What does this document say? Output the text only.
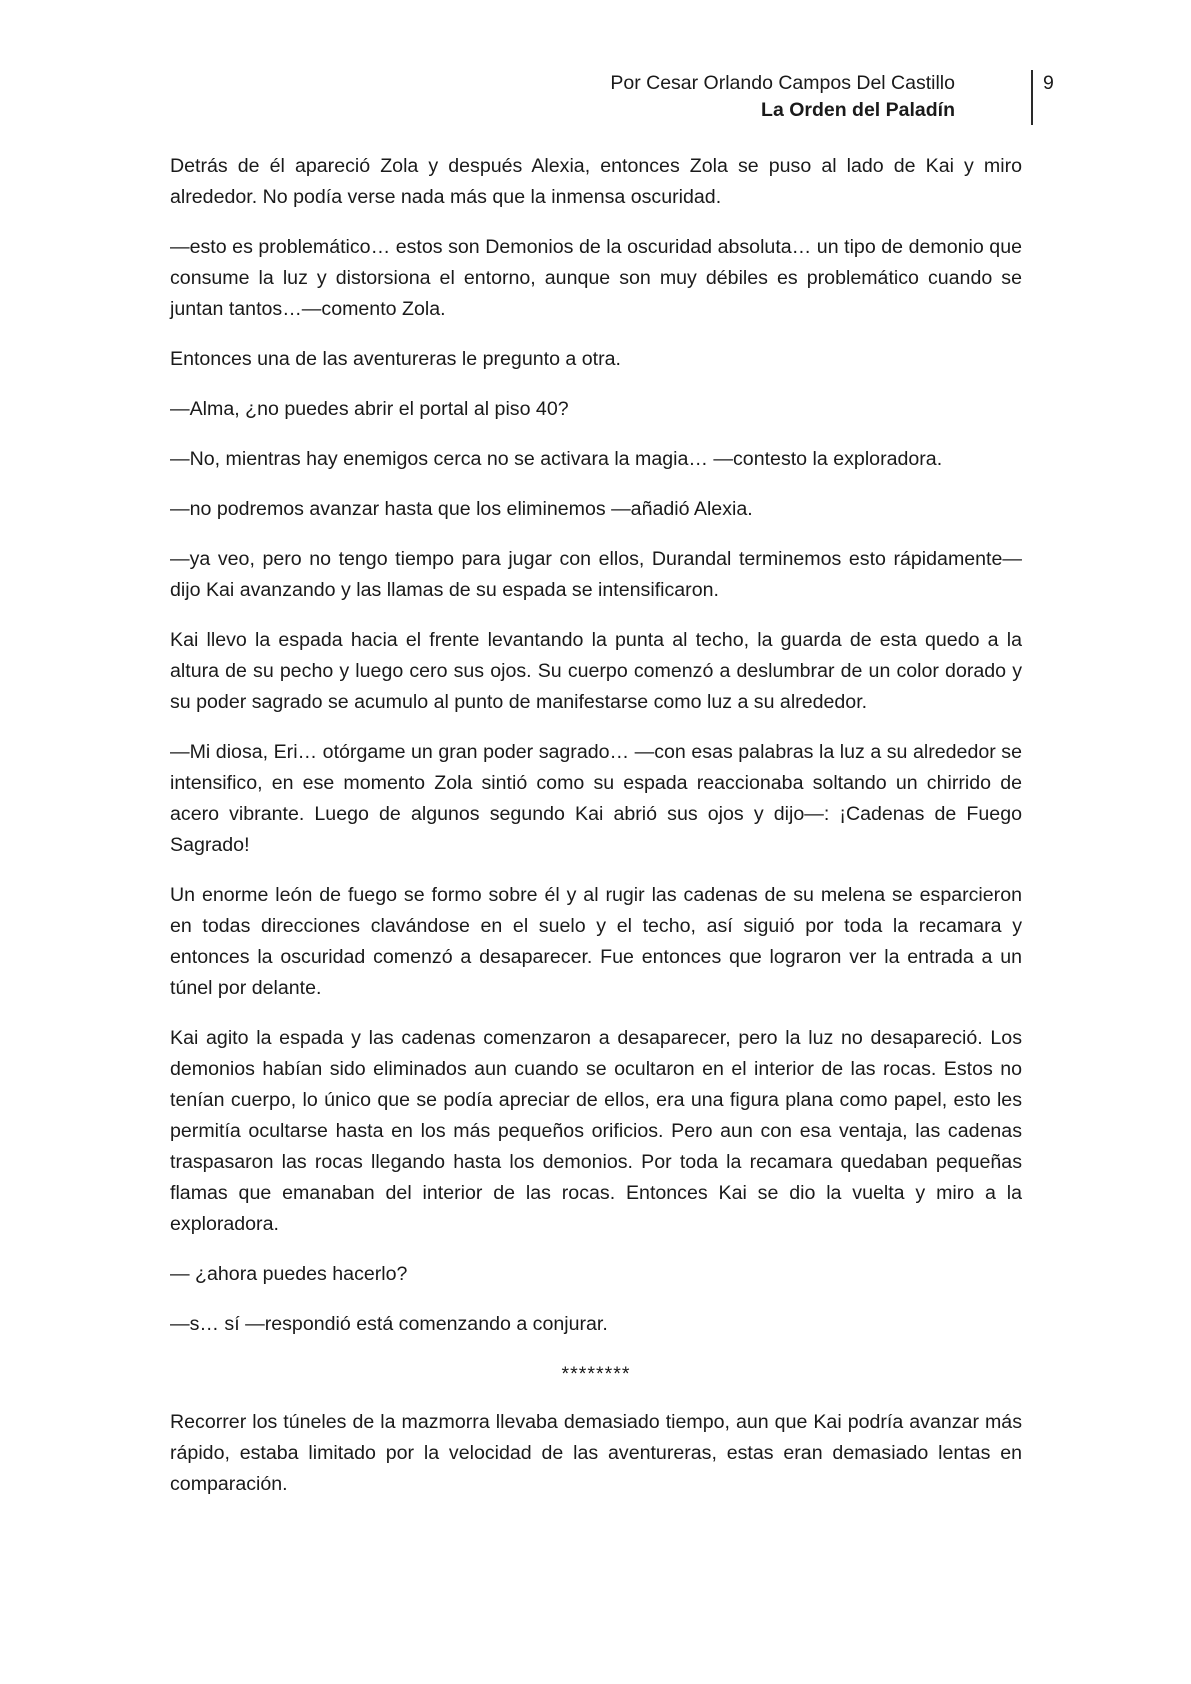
Por Cesar Orlando Campos Del Castillo
La Orden del Paladín
9

Detrás de él apareció Zola y después Alexia, entonces Zola se puso al lado de Kai y miro alrededor. No podía verse nada más que la inmensa oscuridad.

—esto es problemático… estos son Demonios de la oscuridad absoluta… un tipo de demonio que consume la luz y distorsiona el entorno, aunque son muy débiles es problemático cuando se juntan tantos…—comento Zola.

Entonces una de las aventureras le pregunto a otra.

—Alma, ¿no puedes abrir el portal al piso 40?

—No, mientras hay enemigos cerca no se activara la magia… —contesto la exploradora.

—no podremos avanzar hasta que los eliminemos —añadió Alexia.

—ya veo, pero no tengo tiempo para jugar con ellos, Durandal terminemos esto rápidamente—dijo Kai avanzando y las llamas de su espada se intensificaron.

Kai llevo la espada hacia el frente levantando la punta al techo, la guarda de esta quedo a la altura de su pecho y luego cero sus ojos. Su cuerpo comenzó a deslumbrar de un color dorado y su poder sagrado se acumulo al punto de manifestarse como luz a su alrededor.

—Mi diosa, Eri… otórgame un gran poder sagrado… —con esas palabras la luz a su alrededor se intensifico, en ese momento Zola sintió como su espada reaccionaba soltando un chirrido de acero vibrante. Luego de algunos segundo Kai abrió sus ojos y dijo—: ¡Cadenas de Fuego Sagrado!

Un enorme león de fuego se formo sobre él y al rugir las cadenas de su melena se esparcieron en todas direcciones clavándose en el suelo y el techo, así siguió por toda la recamara y entonces la oscuridad comenzó a desaparecer. Fue entonces que lograron ver la entrada a un túnel por delante.

Kai agito la espada y las cadenas comenzaron a desaparecer, pero la luz no desapareció. Los demonios habían sido eliminados aun cuando se ocultaron en el interior de las rocas. Estos no tenían cuerpo, lo único que se podía apreciar de ellos, era una figura plana como papel, esto les permitía ocultarse hasta en los más pequeños orificios. Pero aun con esa ventaja, las cadenas traspasaron las rocas llegando hasta los demonios. Por toda la recamara quedaban pequeñas flamas que emanaban del interior de las rocas. Entonces Kai se dio la vuelta y miro a la exploradora.

— ¿ahora puedes hacerlo?

—s… sí —respondió está comenzando a conjurar.

********

Recorrer los túneles de la mazmorra llevaba demasiado tiempo, aun que Kai podría avanzar más rápido, estaba limitado por la velocidad de las aventureras, estas eran demasiado lentas en comparación.
